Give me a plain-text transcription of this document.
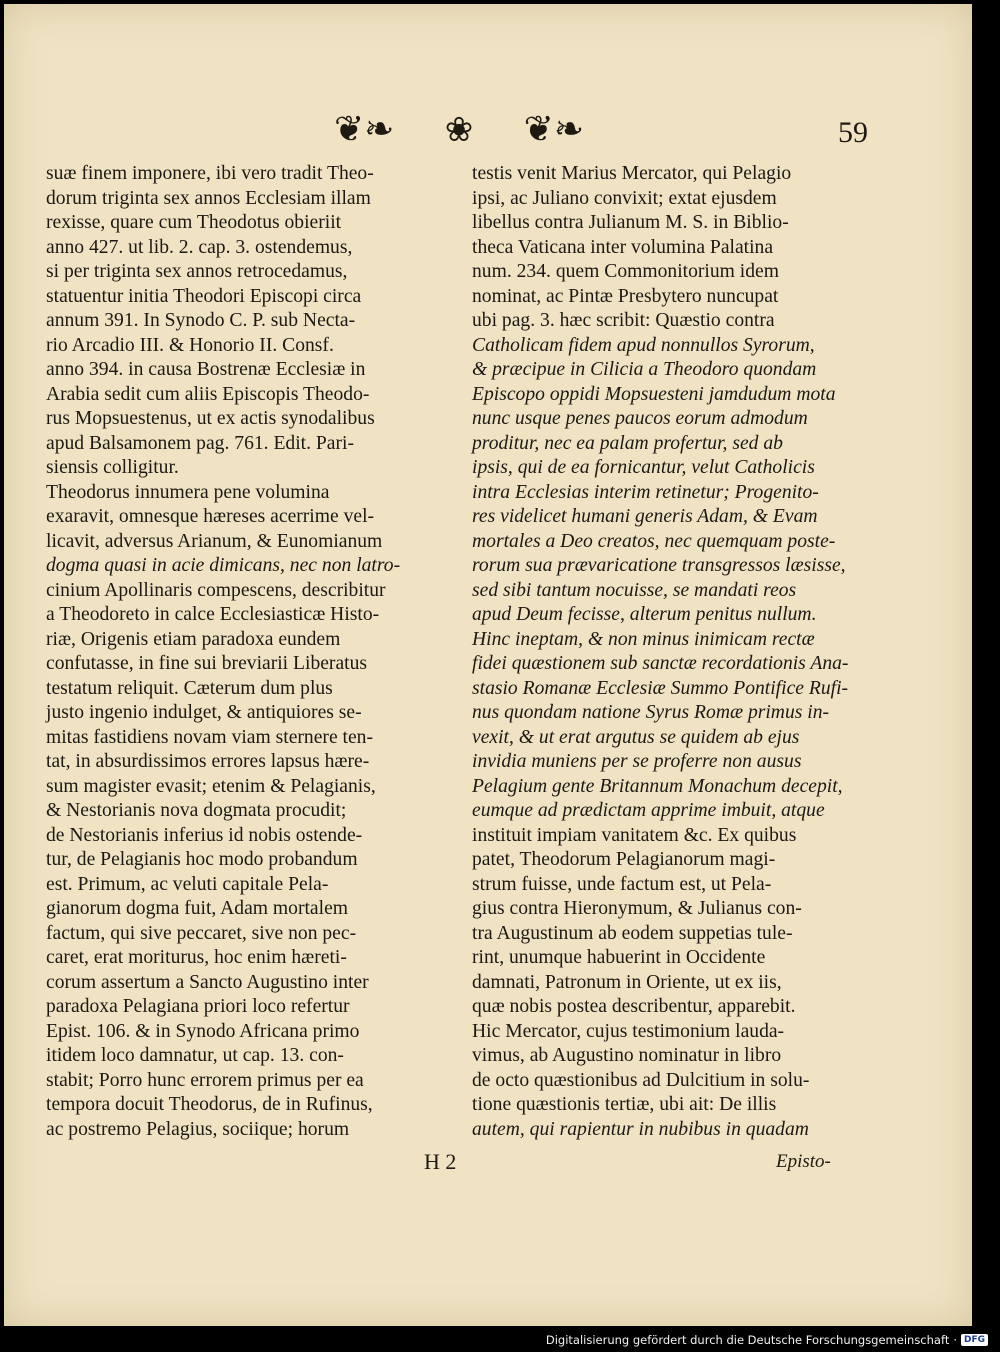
❦❧ ❀ ❦❧	59
suæ finem imponere, ibi vero tradit Theo-
dorum triginta sex annos Ecclesiam illam
rexisse, quare cum Theodotus obieriit
anno 427. ut lib. 2. cap. 3. ostendemus,
si per triginta sex annos retrocedamus,
statuentur initia Theodori Episcopi circa
annum 391. In Synodo C. P. sub Necta-
rio Arcadio III. & Honorio II. Consf.
anno 394. in causa Bostrenæ Ecclesiæ in
Arabia sedit cum aliis Episcopis Theodo-
rus Mopsuestenus, ut ex actis synodalibus
apud Balsamonem pag. 761. Edit. Pari-
siensis colligitur.
Theodorus innumera pene volumina
exaravit, omnesque hæreses acerrime vel-
licavit, adversus Arianum, & Eunomianum
dogma quasi in acie dimicans, nec non latro-
cinium Apollinaris compescens, describitur
a Theodoreto in calce Ecclesiasticæ Histo-
riæ, Origenis etiam paradoxa eundem
confutasse, in fine sui breviarii Liberatus
testatum reliquit. Cæterum dum plus
justo ingenio indulget, & antiquiores se-
mitas fastidiens novam viam sternere ten-
tat, in absurdissimos errores lapsus hære-
sum magister evasit; etenim & Pelagianis,
& Nestorianis nova dogmata procudit;
de Nestorianis inferius id nobis ostende-
tur, de Pelagianis hoc modo probandum
est. Primum, ac veluti capitale Pela-
gianorum dogma fuit, Adam mortalem
factum, qui sive peccaret, sive non pec-
caret, erat moriturus, hoc enim hæreti-
corum assertum a Sancto Augustino inter
paradoxa Pelagiana priori loco refertur
Epist. 106. & in Synodo Africana primo
itidem loco damnatur, ut cap. 13. con-
stabit; Porro hunc errorem primus per ea
tempora docuit Theodorus, de in Rufinus,
ac postremo Pelagius, sociique; horum
testis venit Marius Mercator, qui Pelagio
ipsi, ac Juliano convixit; extat ejusdem
libellus contra Julianum M. S. in Biblio-
theca Vaticana inter volumina Palatina
num. 234. quem Commonitorium idem
nominat, ac Pintæ Presbytero nuncupat
ubi pag. 3. hæc scribit: Quæstio contra
Catholicam fidem apud nonnullos Syrorum,
& præcipue in Cilicia a Theodoro quondam
Episcopo oppidi Mopsuesteni jamdudum mota
nunc usque penes paucos eorum admodum
proditur, nec ea palam profertur, sed ab
ipsis, qui de ea fornicantur, velut Catholicis
intra Ecclesias interim retinetur; Progenito-
res videlicet humani generis Adam, & Evam
mortales a Deo creatos, nec quemquam poste-
rorum sua prævaricatione transgressos læsisse,
sed sibi tantum nocuisse, se mandati reos
apud Deum fecisse, alterum penitus nullum.
Hinc ineptam, & non minus inimicam rectæ
fidei quæstionem sub sanctæ recordationis Ana-
stasio Romanæ Ecclesiæ Summo Pontifice Rufi-
nus quondam natione Syrus Romæ primus in-
vexit, & ut erat argutus se quidem ab ejus
invidia muniens per se proferre non ausus
Pelagium gente Britannum Monachum decepit,
eumque ad prædictam apprime imbuit, atque
instituit impiam vanitatem &c. Ex quibus
patet, Theodorum Pelagianorum magi-
strum fuisse, unde factum est, ut Pela-
gius contra Hieronymum, & Julianus con-
tra Augustinum ab eodem suppetias tule-
rint, unumque habuerint in Occidente
damnati, Patronum in Oriente, ut ex iis,
quæ nobis postea describentur, apparebit.
Hic Mercator, cujus testimonium lauda-
vimus, ab Augustino nominatur in libro
de octo quæstionibus ad Dulcitium in solu-
tione quæstionis tertiæ, ubi ait: De illis
autem, qui rapientur in nubibus in quadam
H 2	Episto-
Digitalisierung gefördert durch die Deutsche Forschungsgemeinschaft · DFG
